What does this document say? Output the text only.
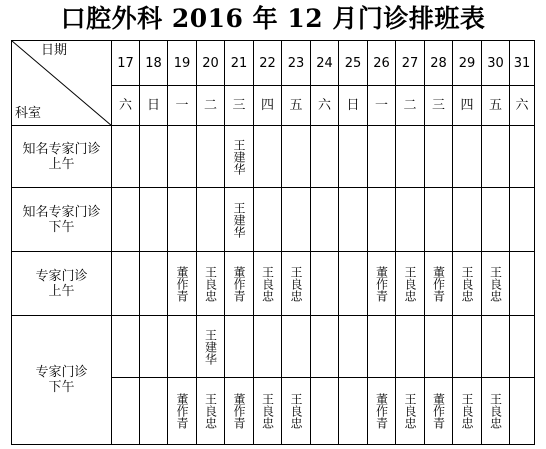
口腔外科 2016 年 12 月门诊排班表
日期
科室	17	18	19	20	21	22	23	24	25	26	27	28	29	30	31
	六	日	一	二	三	四	五	六	日	一	二	三	四	五	六
知名专家门诊
上午					王建华										

知名专家门诊
下午					王建华										

专家门诊
上午			董作青	王良忠	董作青	王良忠	王良忠			董作青	王良忠	董作青	王良忠	王良忠	

专家门诊
下午				王建华											

			董作青	王良忠	董作青	王良忠	王良忠			董作青	王良忠	董作青	王良忠	王良忠	
